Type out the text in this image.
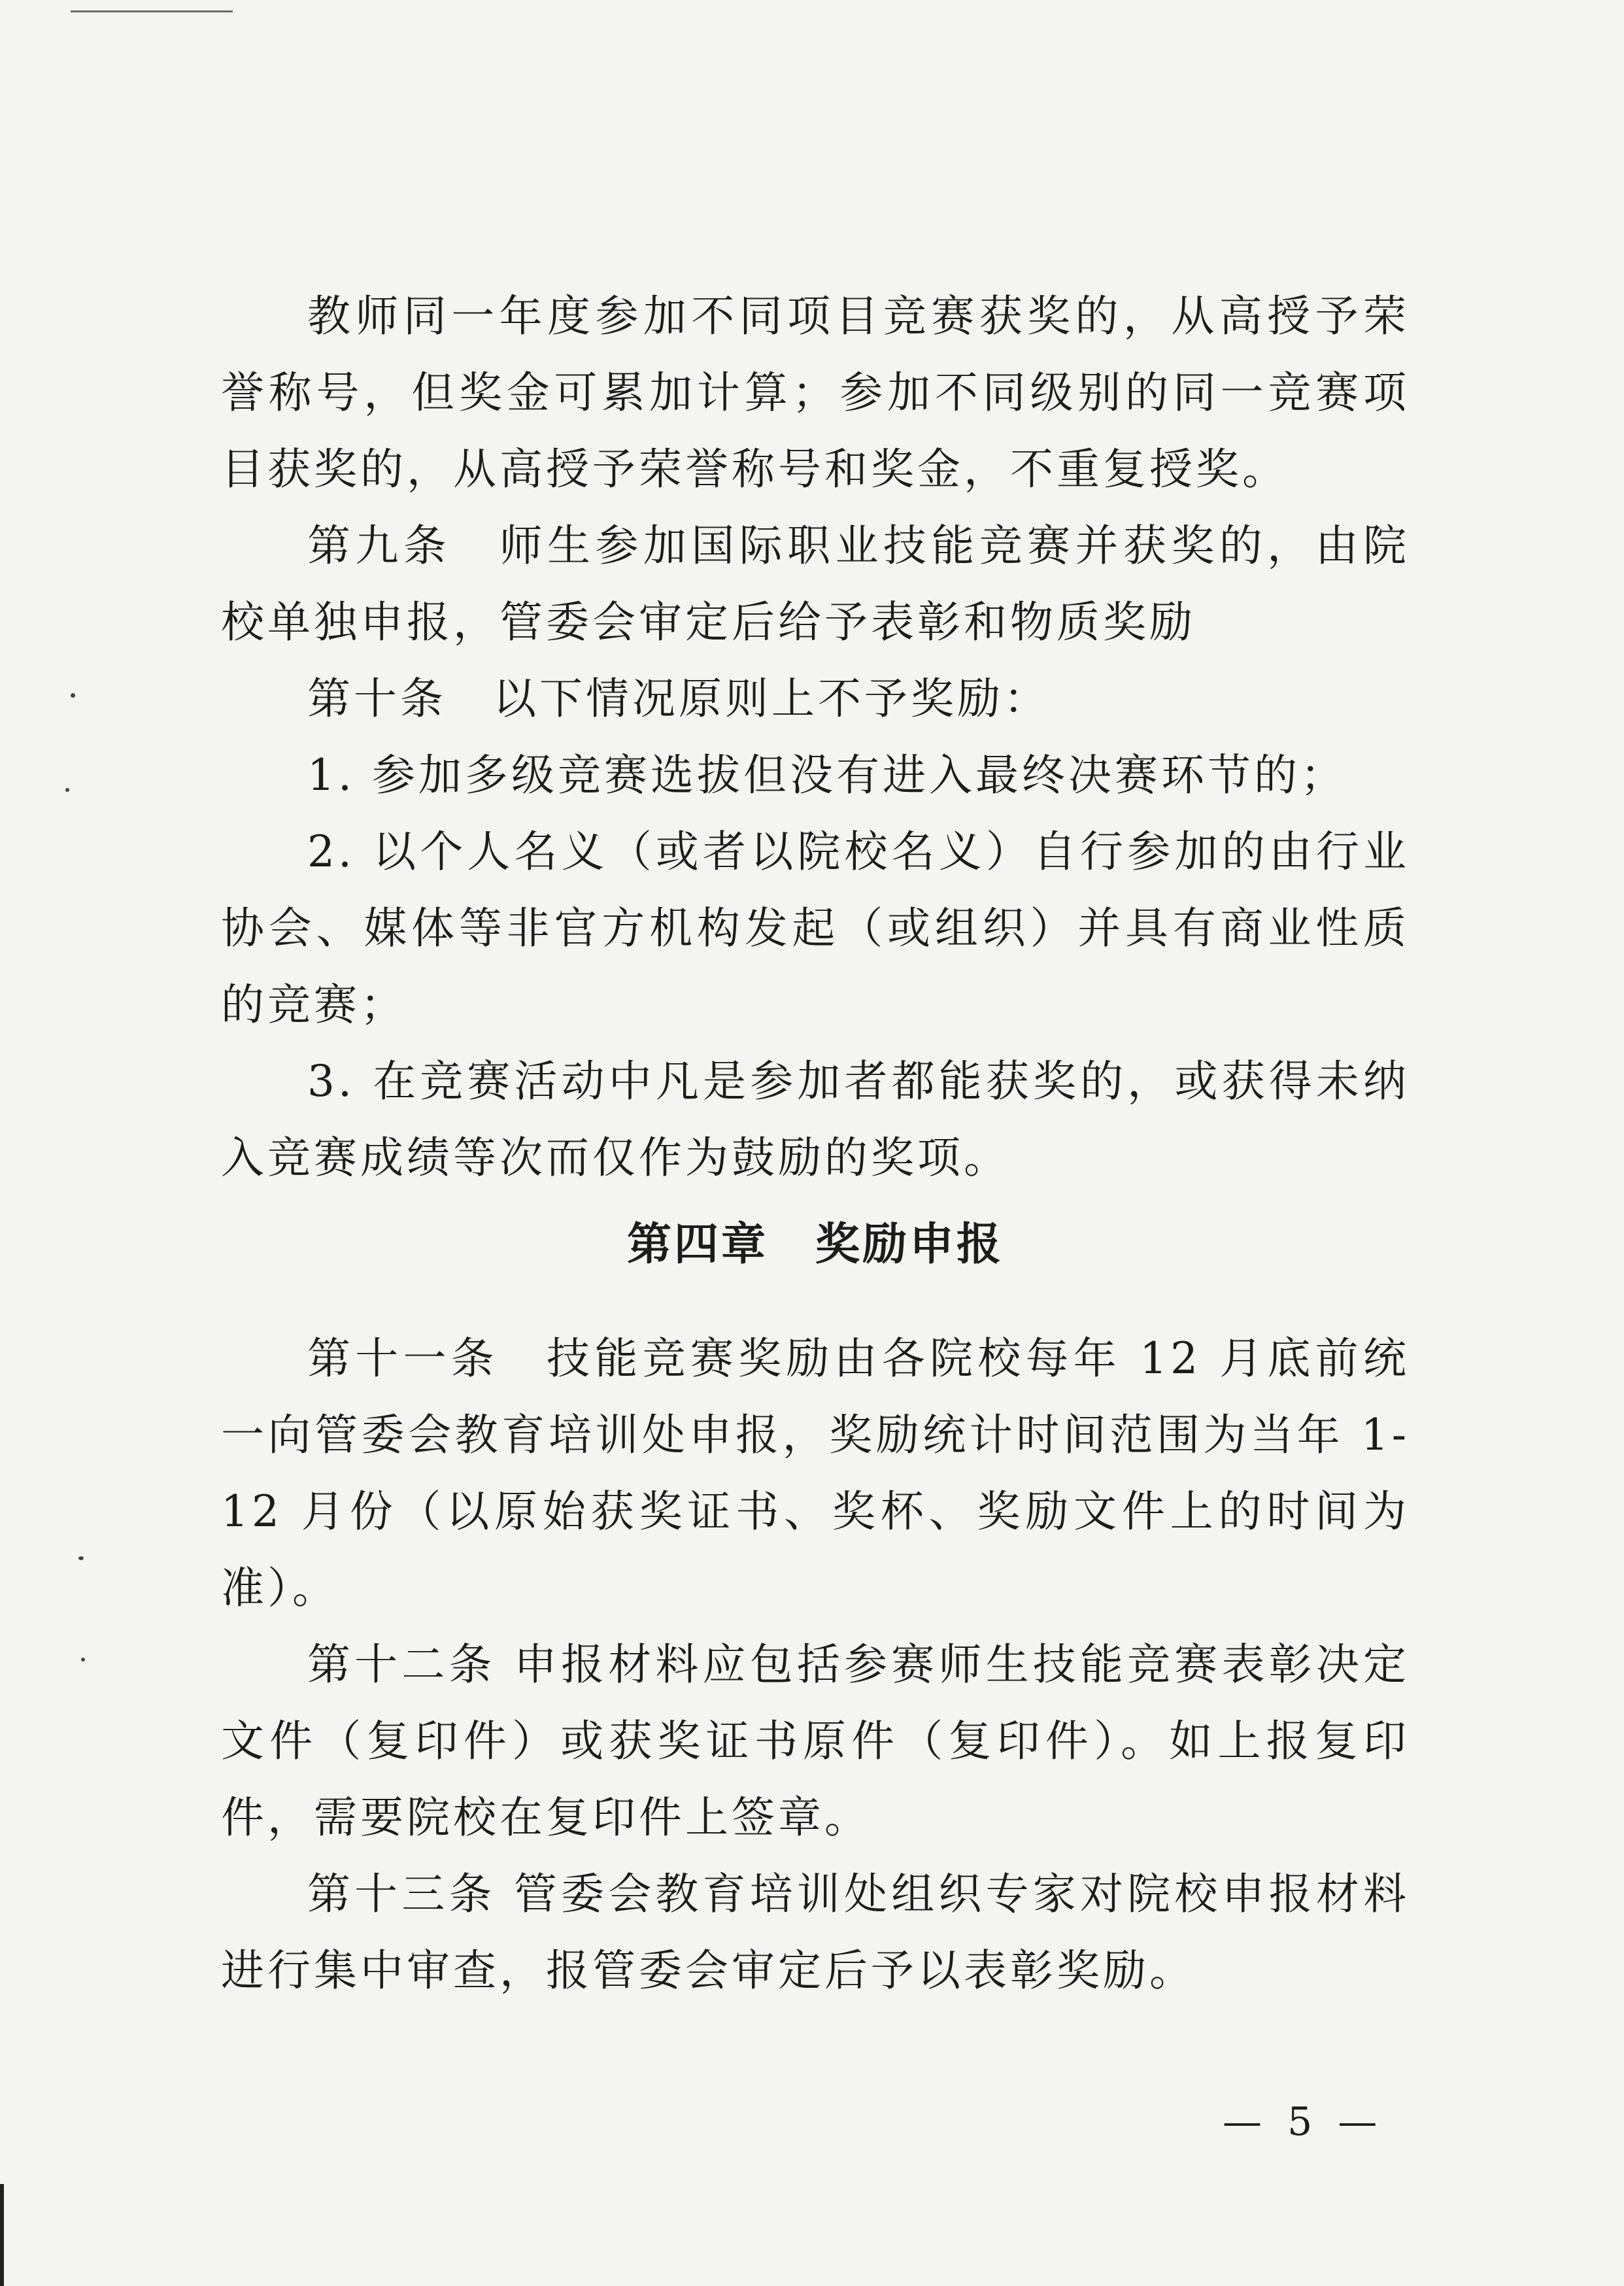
教师同一年度参加不同项目竞赛获奖的，从高授予荣誉称号，但奖金可累加计算；参加不同级别的同一竞赛项目获奖的，从高授予荣誉称号和奖金，不重复授奖。

第九条　师生参加国际职业技能竞赛并获奖的，由院校单独申报，管委会审定后给予表彰和物质奖励

第十条　以下情况原则上不予奖励：

1. 参加多级竞赛选拔但没有进入最终决赛环节的；

2. 以个人名义（或者以院校名义）自行参加的由行业协会、媒体等非官方机构发起（或组织）并具有商业性质的竞赛；

3. 在竞赛活动中凡是参加者都能获奖的，或获得未纳入竞赛成绩等次而仅作为鼓励的奖项。

第四章　奖励申报

第十一条　技能竞赛奖励由各院校每年 12 月底前统一向管委会教育培训处申报，奖励统计时间范围为当年 1-12 月份（以原始获奖证书、奖杯、奖励文件上的时间为准）。

第十二条 申报材料应包括参赛师生技能竞赛表彰决定文件（复印件）或获奖证书原件（复印件）。如上报复印件，需要院校在复印件上签章。

第十三条 管委会教育培训处组织专家对院校申报材料进行集中审查，报管委会审定后予以表彰奖励。

— 5 —
